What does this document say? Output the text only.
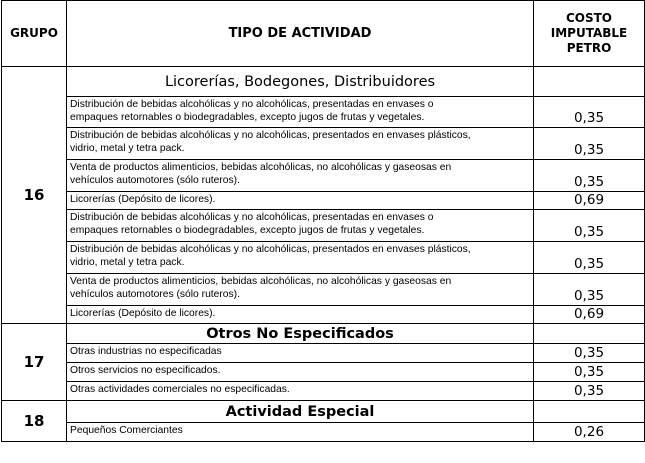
GRUPO	TIPO DE ACTIVIDAD	COSTO
IMPUTABLE
PETRO

16	Licorerías, Bodegones, Distribuidores	

	Distribución de bebidas alcohólicas y no alcohólicas, presentadas en envases o
empaques retornables o biodegradables, excepto jugos de frutas y vegetales.	0,35

	Distribución de bebidas alcohólicas y no alcohólicas, presentados en envases plásticos,
vidrio, metal y tetra pack.	0,35

	Venta de productos alimenticios, bebidas alcohólicas, no alcohólicas y gaseosas en
vehículos automotores (sólo ruteros).	0,35

	Licorerías (Depósito de licores).	0,69

	Distribución de bebidas alcohólicas y no alcohólicas, presentadas en envases o
empaques retornables o biodegradables, excepto jugos de frutas y vegetales.	0,35

	Distribución de bebidas alcohólicas y no alcohólicas, presentados en envases plásticos,
vidrio, metal y tetra pack.	0,35

	Venta de productos alimenticios, bebidas alcohólicas, no alcohólicas y gaseosas en
vehículos automotores (sólo ruteros).	0,35

	Licorerías (Depósito de licores).	0,69
17	Otros No Especificados	

	Otras industrias no especificadas	0,35

	Otros servicios no especificados.	0,35

	Otras actividades comerciales no especificadas.	0,35
18	Actividad Especial	

	Pequeños Comerciantes	0,26
